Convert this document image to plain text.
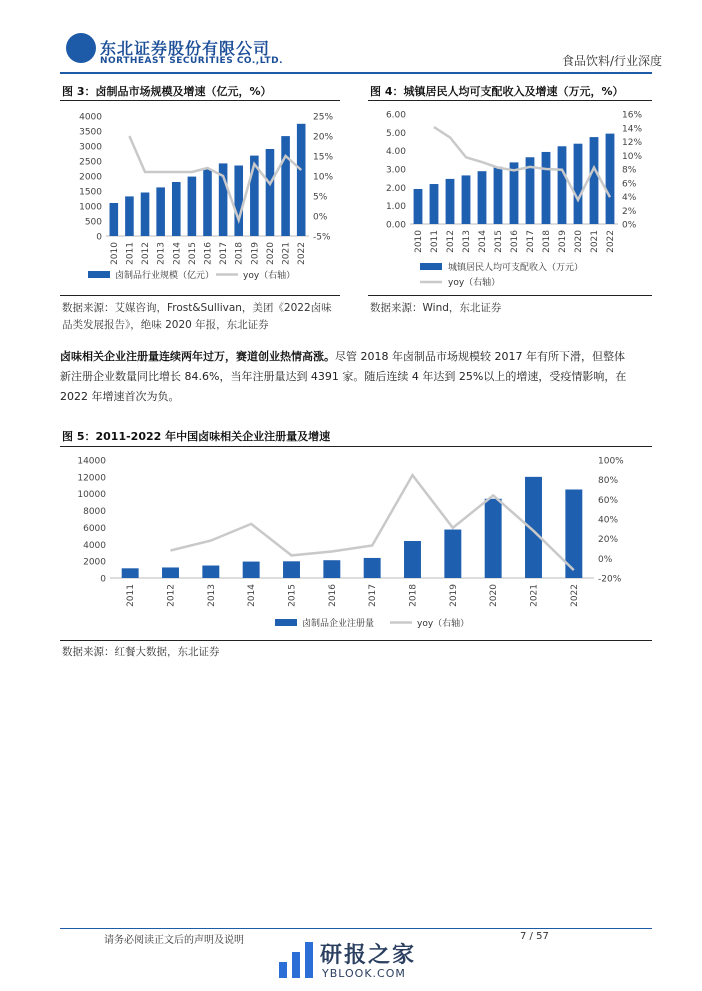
东北证券股份有限公司
NORTHEAST SECURITIES CO.,LTD.	食品饮料/行业深度
图 3：卤制品市场规模及增速（亿元，%）
0
500
1000
1500
2000
2500
3000
3500
4000
-5%
0%
5%
10%
15%
20%
25%
2010 2011 2012 2013 2014 2015 2016 2017 2018 2019 2020 2021 2022
卤制品行业规模（亿元）	yoy（右轴）
数据来源：艾媒咨询，Frost&Sullivan，美团《2022卤味品类发展报告》，绝味 2020 年报，东北证券
图 4：城镇居民人均可支配收入及增速（万元，%）
0.00
1.00
2.00
3.00
4.00
5.00
6.00
0%
2%
4%
6%
8%
10%
12%
14%
16%
2010 2011 2012 2013 2014 2015 2016 2017 2018 2019 2020 2021 2022
城镇居民人均可支配收入（万元）
yoy（右轴）
数据来源：Wind，东北证券
卤味相关企业注册量连续两年过万，赛道创业热情高涨。尽管 2018 年卤制品市场规模较 2017 年有所下滑，但整体新注册企业数量同比增长 84.6%，当年注册量达到 4391 家。随后连续 4 年达到 25%以上的增速，受疫情影响，在 2022 年增速首次为负。
图 5：2011-2022 年中国卤味相关企业注册量及增速
0
2000
4000
6000
8000
10000
12000
14000
-20%
0%
20%
40%
60%
80%
100%
2011	2012	2013	2014	2015	2016	2017	2018	2019	2020	2021	2022
卤制品企业注册量	yoy（右轴）
数据来源：红餐大数据，东北证券
请务必阅读正文后的声明及说明	7 / 57
研报之家
YBLOOK.COM
